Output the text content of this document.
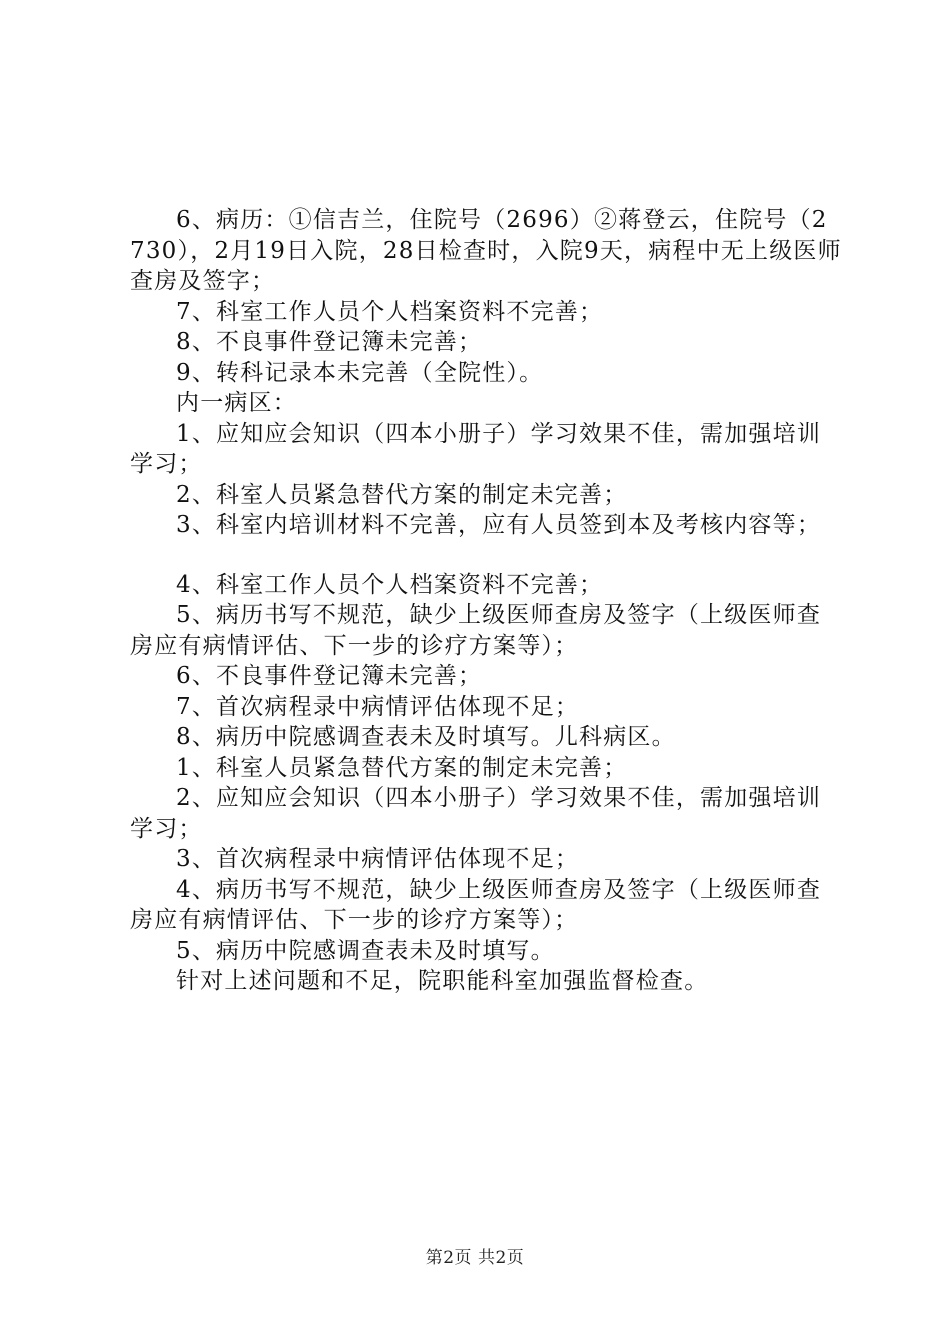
6、病历：①信吉兰，住院号（2696）②蒋登云，住院号（2730），2月19日入院，28日检查时，入院9天，病程中无上级医师查房及签字；

7、科室工作人员个人档案资料不完善；

8、不良事件登记簿未完善；

9、转科记录本未完善（全院性）。

内一病区：

1、应知应会知识（四本小册子）学习效果不佳，需加强培训学习；

2、科室人员紧急替代方案的制定未完善；

3、科室内培训材料不完善，应有人员签到本及考核内容等；

4、科室工作人员个人档案资料不完善；

5、病历书写不规范，缺少上级医师查房及签字（上级医师查房应有病情评估、下一步的诊疗方案等）；

6、不良事件登记簿未完善；

7、首次病程录中病情评估体现不足；

8、病历中院感调查表未及时填写。儿科病区。

1、科室人员紧急替代方案的制定未完善；

2、应知应会知识（四本小册子）学习效果不佳，需加强培训学习；

3、首次病程录中病情评估体现不足；

4、病历书写不规范，缺少上级医师查房及签字（上级医师查房应有病情评估、下一步的诊疗方案等）；

5、病历中院感调查表未及时填写。

针对上述问题和不足，院职能科室加强监督检查。

第2页 共2页
